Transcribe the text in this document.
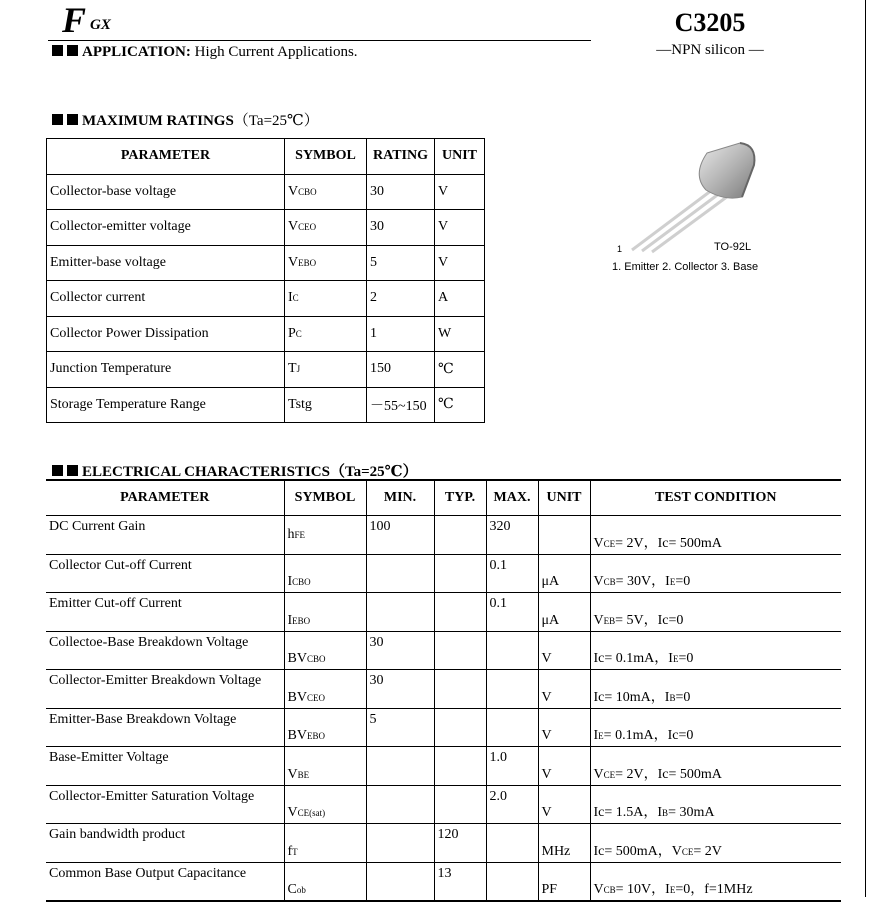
F GX	C3205
—NPN silicon —
APPLICATION: High Current Applications.
MAXIMUM RATINGS（Ta=25℃）
PARAMETER	SYMBOL	RATING	UNIT
Collector-base voltage	VCBO	30	V
Collector-emitter voltage	VCEO	30	V
Emitter-base voltage	VEBO	5	V
Collector current	IC	2	A
Collector Power Dissipation	PC	1	W
Junction Temperature	TJ	150	℃
Storage Temperature Range	Tstg	－55~150	℃
1	TO-92L
1. Emitter 2. Collector 3. Base
ELECTRICAL CHARACTERISTICS（Ta=25℃）
PARAMETER	SYMBOL	MIN.	TYP.	MAX.	UNIT	TEST CONDITION
DC Current Gain	hFE	100		320		VCE= 2V，Ic= 500mA
Collector Cut-off Current	ICBO			0.1	μA	VCB= 30V，IE=0
Emitter Cut-off Current	IEBO			0.1	μA	VEB= 5V，Ic=0
Collectoe-Base Breakdown Voltage	BVCBO	30			V	Ic= 0.1mA，IE=0
Collector-Emitter Breakdown Voltage	BVCEO	30			V	Ic= 10mA，IB=0
Emitter-Base Breakdown Voltage	BVEBO	5			V	IE= 0.1mA，Ic=0
Base-Emitter Voltage	VBE			1.0	V	VCE= 2V，Ic= 500mA
Collector-Emitter Saturation Voltage	VCE(sat)			2.0	V	Ic= 1.5A，IB= 30mA
Gain bandwidth product	fT		120		MHz	Ic= 500mA，VCE= 2V
Common Base Output Capacitance	Cob		13		PF	VCB= 10V，IE=0，f=1MHz
